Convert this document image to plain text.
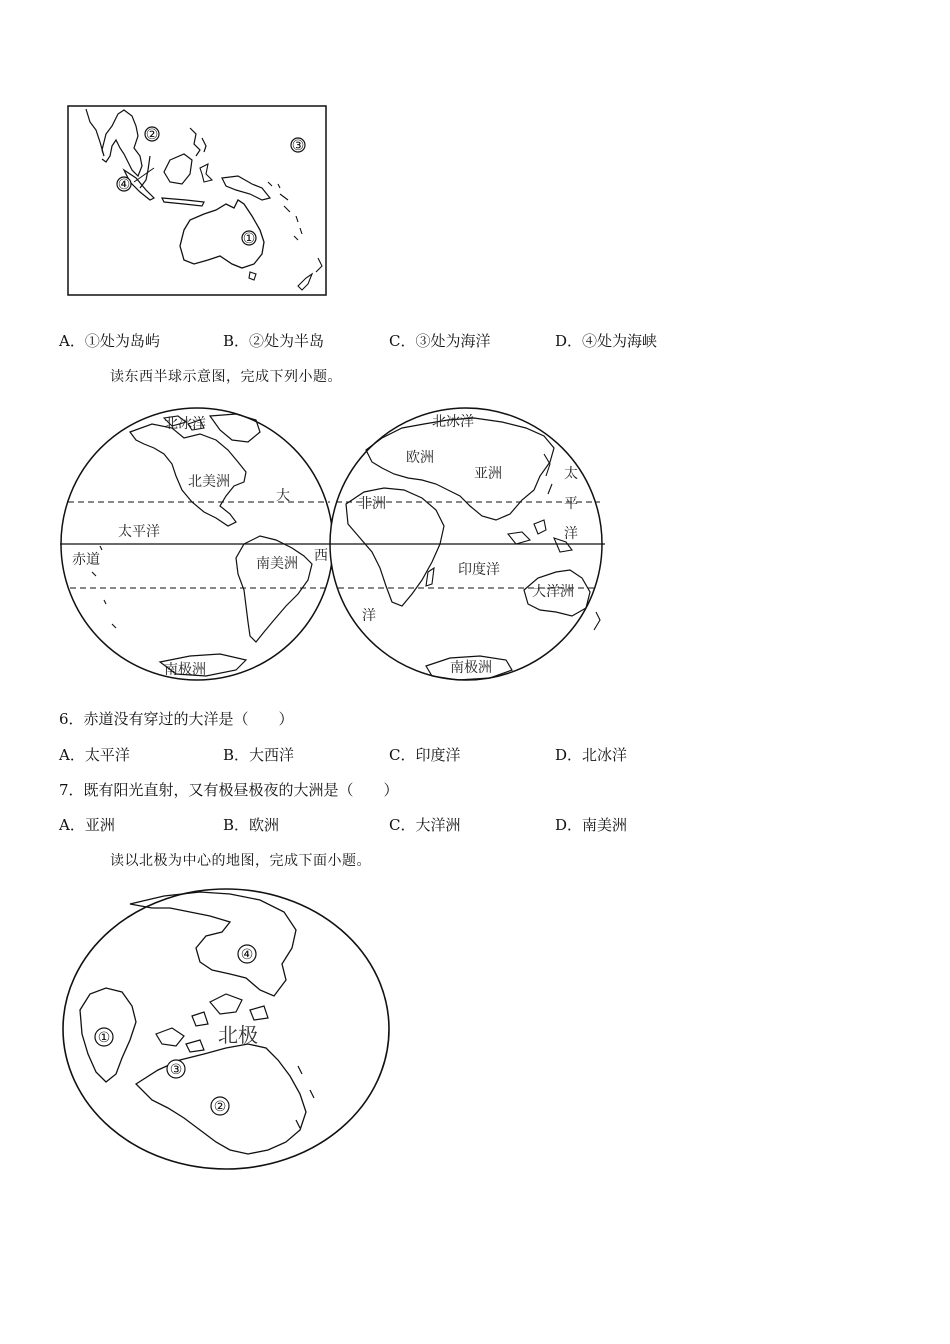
①
②
③
④
A．①处为岛屿	B．②处为半岛	C．③处为海洋	D．④处为海峡
读东西半球示意图，完成下列小题。
北冰洋
北美洲
大
太平洋
赤道	南美洲 西
南极洲
北冰洋
欧洲
亚洲	太
平
洋
非洲
印度洋
洋
大洋洲
南极洲
6．赤道没有穿过的大洋是（　　）
A．太平洋	B．大西洋	C．印度洋	D．北冰洋
7．既有阳光直射，又有极昼极夜的大洲是（　　）
A．亚洲	B．欧洲	C．大洋洲	D．南美洲
读以北极为中心的地图，完成下面小题。
北极
①
②
③
④
